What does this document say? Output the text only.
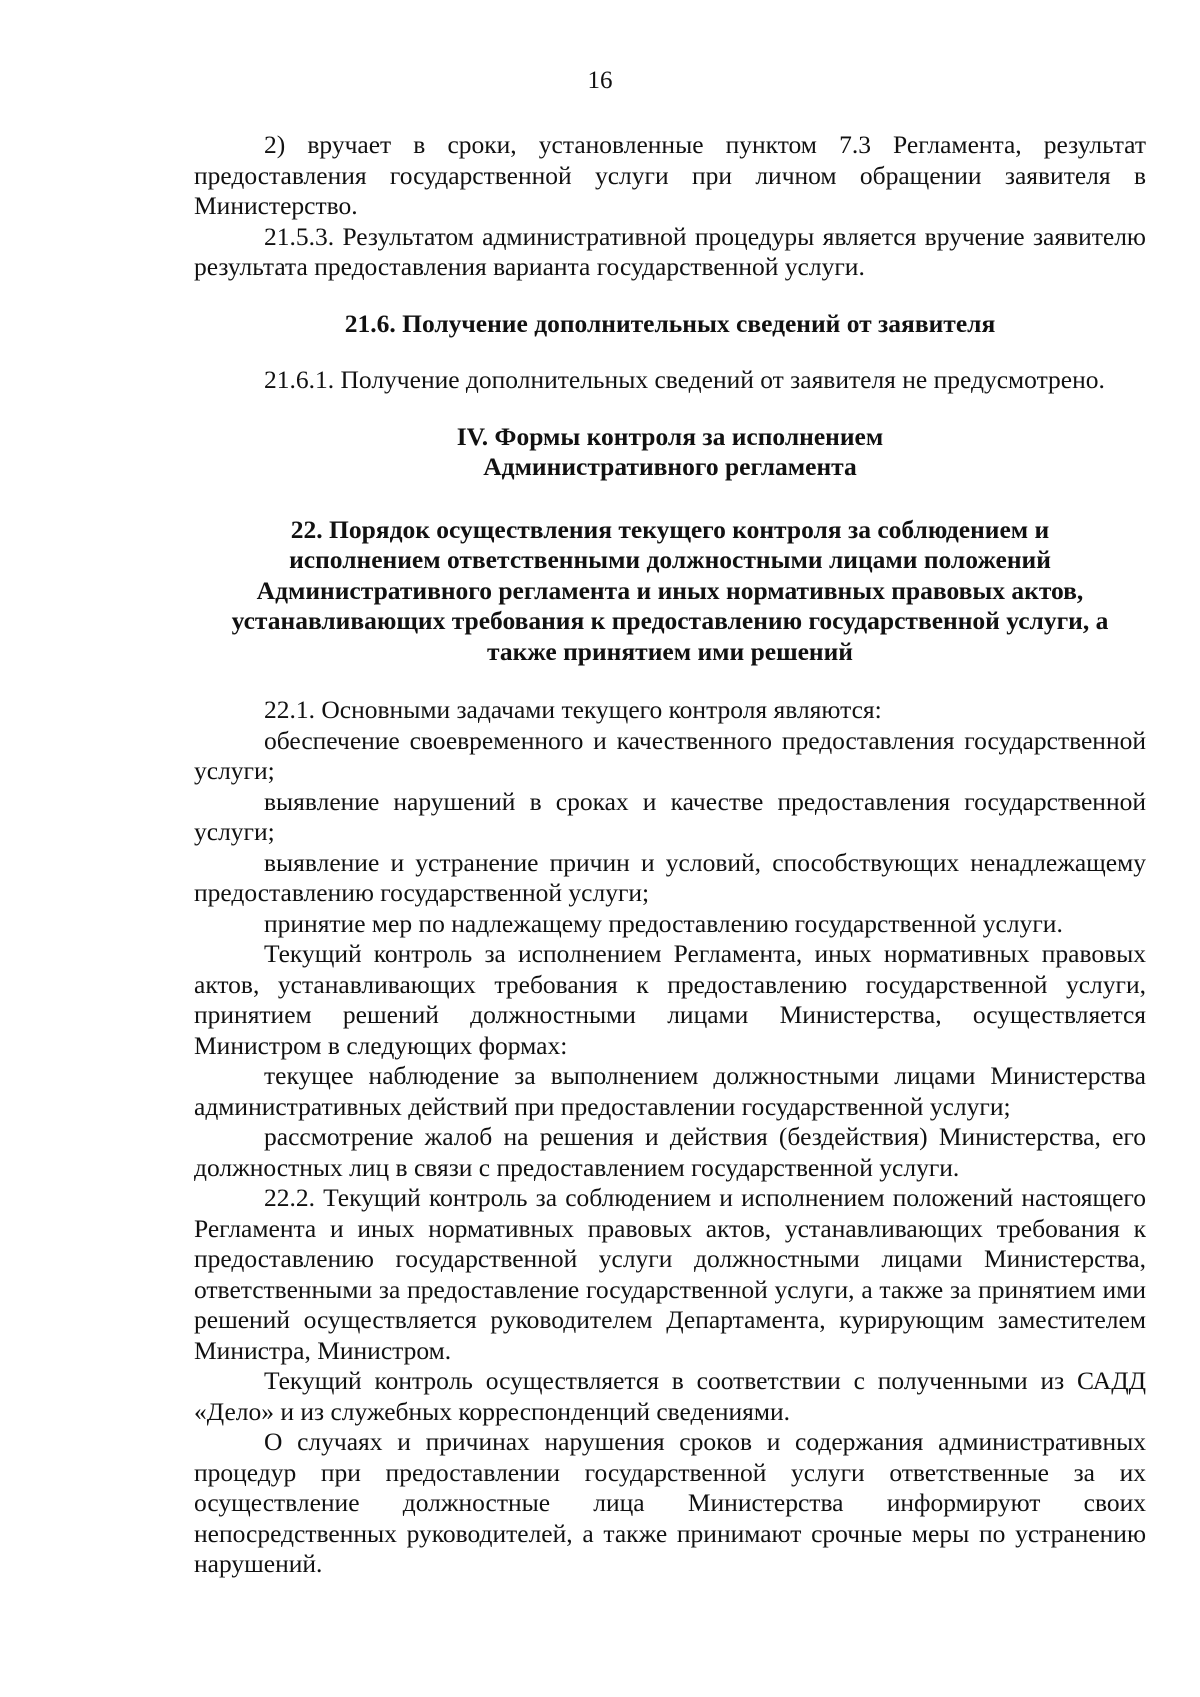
16

2) вручает в сроки, установленные пунктом 7.3 Регламента, результат предоставления государственной услуги при личном обращении заявителя в Министерство.

21.5.3. Результатом административной процедуры является вручение заявителю результата предоставления варианта государственной услуги.

21.6. Получение дополнительных сведений от заявителя

21.6.1. Получение дополнительных сведений от заявителя не предусмотрено.

IV. Формы контроля за исполнением
Административного регламента
22. Порядок осуществления текущего контроля за соблюдением и
исполнением ответственными должностными лицами положений
Административного регламента и иных нормативных правовых актов,
устанавливающих требования к предоставлению государственной услуги, а
также принятием ими решений

22.1. Основными задачами текущего контроля являются:

обеспечение своевременного и качественного предоставления государственной услуги;

выявление нарушений в сроках и качестве предоставления государственной услуги;

выявление и устранение причин и условий, способствующих ненадлежащему предоставлению государственной услуги;

принятие мер по надлежащему предоставлению государственной услуги.

Текущий контроль за исполнением Регламента, иных нормативных правовых актов, устанавливающих требования к предоставлению государственной услуги, принятием решений должностными лицами Министерства, осуществляется Министром в следующих формах:

текущее наблюдение за выполнением должностными лицами Министерства административных действий при предоставлении государственной услуги;

рассмотрение жалоб на решения и действия (бездействия) Министерства, его должностных лиц в связи с предоставлением государственной услуги.

22.2. Текущий контроль за соблюдением и исполнением положений настоящего Регламента и иных нормативных правовых актов, устанавливающих требования к предоставлению государственной услуги должностными лицами Министерства, ответственными за предоставление государственной услуги, а также за принятием ими решений осуществляется руководителем Департамента, курирующим заместителем Министра, Министром.

Текущий контроль осуществляется в соответствии с полученными из САДД «Дело» и из служебных корреспонденций сведениями.

О случаях и причинах нарушения сроков и содержания административных процедур при предоставлении государственной услуги ответственные за их осуществление должностные лица Министерства информируют своих непосредственных руководителей, а также принимают срочные меры по устранению нарушений.
